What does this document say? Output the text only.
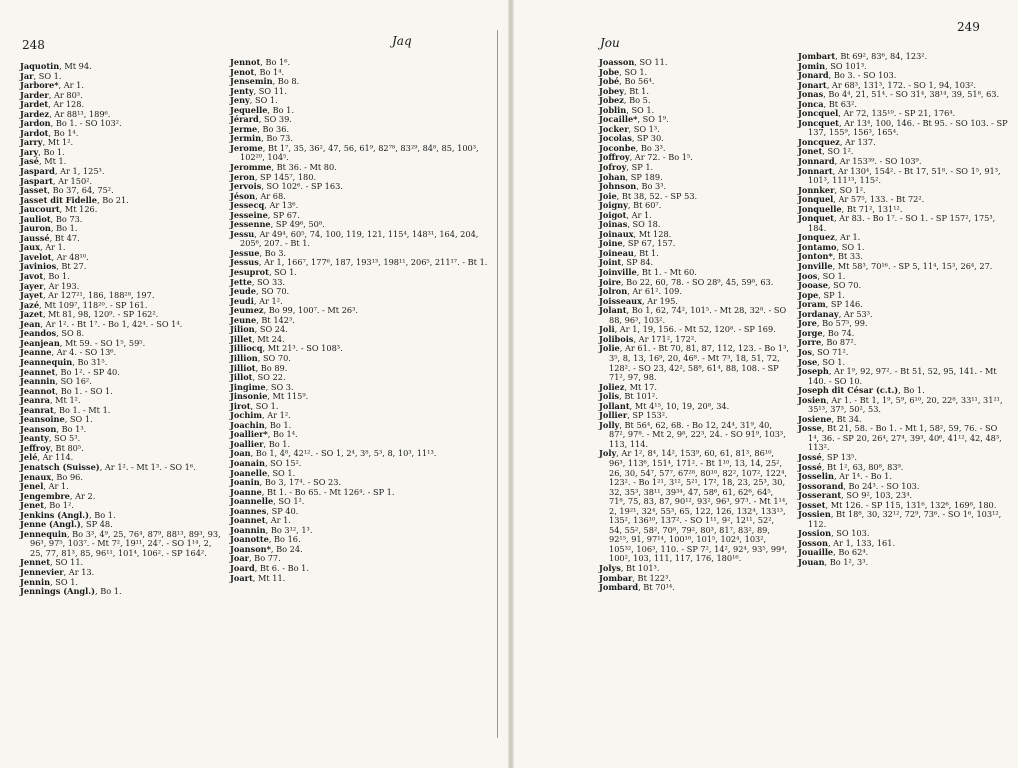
248	Jaq
249
Jou
Jaquotin, Mt 94.
Jar, SO 1.
Jarbore*, Ar 1.
Jarder, Ar 80³.
Jardet, Ar 128.
Jardez, Ar 88¹³, 189⁶.
Jardon, Bo 1. - SO 103².
Jardot, Bo 1⁴.
Jarry, Mt 1².
Jary, Bo 1.
Jasé, Mt 1.
Jaspard, Ar 1, 125³.
Jaspart, Ar 150².
Jasset, Bo 37, 64, 75².
Jasset dit Fidelle, Bo 21.
Jaucourt, Mt 126.
Jauliot, Bo 73.
Jauron, Bo 1.
Jaussé, Bt 47.
Jaux, Ar 1.
Javelot, Ar 48¹⁰.
Javinios, Bt 27.
Javot, Bo 1.
Jayer, Ar 193.
Jayet, Ar 127²¹, 186, 188²⁸, 197.
Jazé, Mt 109⁷, 118²⁰. - SP 161.
Jazet, Mt 81, 98, 120⁹. - SP 162².
Jean, Ar 1². - Bt 1⁷. - Bo 1, 42⁴. - SO 1⁴.
Jeandos, SO 8.
Jeanjean, Mt 59. - SO 1⁵, 59⁵.
Jeanne, Ar 4. - SO 13⁶.
Jeannequin, Bo 31⁵.
Jeannet, Bo 1². - SP 40.
Jeannin, SO 16².
Jeannot, Bo 1. - SO 1.
Jeanra, Mt 1².
Jeanrat, Bo 1. - Mt 1.
Jeansoine, SO 1.
Jeanson, Bo 1³.
Jeanty, SO 5³.
Jeffroy, Bt 80⁵.
Jelé, Ar 114.
Jenatsch (Suisse), Ar 1². - Mt 1³. - SO 1⁶.
Jenaux, Bo 96.
Jenel, Ar 1.
Jengembre, Ar 2.
Jenet, Bo 1².
Jenkins (Angl.), Bo 1.
Jenne (Angl.), SP 48.
Jennequin, Bo 3³, 4⁹, 25, 76⁴, 87⁹, 88¹³, 89³, 93, 96³, 97⁵, 103⁷. - Mt 7², 19¹¹, 24⁷. - SO 1¹⁴, 2, 25, 77, 81³, 85, 96¹¹, 101⁴, 106². - SP 164².
Jennet, SO 11.
Jennevier, Ar 13.
Jennin, SO 1.
Jennings (Angl.), Bo 1.
Jennot, Bo 1⁶.
Jenot, Bo 1⁴.
Jensemin, Bo 8.
Jenty, SO 11.
Jeny, SO 1.
Jequelle, Bo 1.
Jérard, SO 39.
Jerme, Bo 36.
Jermin, Bo 73.
Jerome, Bt 1⁷, 35, 36², 47, 56, 61⁹, 82⁷⁸, 83²⁹, 84⁸, 85, 100³, 102²⁰, 104⁵.
Jeromme, Bt 36. - Mt 80.
Jeron, SP 145⁷, 180.
Jervois, SO 102⁶. - SP 163.
Jéson, Ar 68.
Jessecq, Ar 13⁶.
Jesseine, SP 67.
Jessenne, SP 49⁶, 50⁸.
Jessu, Ar 49⁴, 60⁵, 74, 100, 119, 121, 115⁴, 148³¹, 164, 204, 205⁶, 207. - Bt 1.
Jessue, Bo 3.
Jessus, Ar 1, 166⁷, 177⁶, 187, 193¹³, 198¹¹, 206⁵, 211¹⁷. - Bt 1.
Jesuprot, SO 1.
Jette, SO 33.
Jeude, SO 70.
Jeudi, Ar 1².
Jeumez, Bo 99, 100⁷. - Mt 26³.
Jeune, Bt 142³.
Jilion, SO 24.
Jillet, Mt 24.
Jilliocq, Mt 21³. - SO 108³.
Jillion, SO 70.
Jilliot, Bo 89.
Jillot, SO 22.
Jingime, SO 3.
Jinsonie, Mt 115⁹.
Jirot, SO 1.
Jochim, Ar 1².
Joachin, Bo 1.
Joallier*, Bo 1⁴.
Joallier, Bo 1.
Joan, Bo 1, 4⁸, 42¹². - SO 1, 2⁴, 3⁸, 5³, 8, 10³, 11¹³.
Joanain, SO 15².
Joanelle, SO 1.
Joanin, Bo 3, 17⁴. - SO 23.
Joanne, Bt 1. - Bo 65. - Mt 126⁴. - SP 1.
Joannelle, SO 1².
Joannes, SP 40.
Joannet, Ar 1.
Joannin, Bo 3¹², 1³.
Joanotte, Bo 16.
Joanson*, Bo 24.
Joar, Bo 77.
Joard, Bt 6. - Bo 1.
Joart, Mt 11.
Joasson, SO 11.
Jobe, SO 1.
Jobé, Bo 56⁴.
Jobey, Bt 1.
Jobez, Bo 5.
Joblin, SO 1.
Jocaille*, SO 1⁹.
Jocker, SO 1³.
Jocolas, SP 30.
Joconbe, Bo 3³.
Joffroy, Ar 72. - Bo 1⁵.
Jofroy, SP 1.
Johan, SP 189.
Johnson, Bo 3³.
Joie, Bt 38, 52. - SP 53.
Joigny, Bt 60⁷.
Joigot, Ar 1.
Joinas, SO 18.
Joinaux, Mt 128.
Joine, SP 67, 157.
Joineau, Bt 1.
Joint, SP 84.
Joinville, Bt 1. - Mt 60.
Joire, Bo 22, 60, 78. - SO 28⁹, 45, 59⁸, 63.
Jolron, Ar 61². 109.
Joisseaux, Ar 195.
Jolant, Bo 1, 62, 74², 101⁵. - Mt 28, 32⁸. - SO 88, 96³, 103².
Joli, Ar 1, 19, 156. - Mt 52, 120⁸. - SP 169.
Jolibois, Ar 171², 172².
Jolie, Ar 61. - Bt 70, 81, 87, 112, 123. - Bo 1³, 3⁵, 8, 13, 16⁹, 20, 46⁸. - Mt 7³, 18, 51, 72, 128². - SO 23, 42², 58⁸, 61⁴, 88, 108. - SP 71², 97, 98.
Joliez, Mt 17.
Jolis, Bt 101².
Jollant, Mt 4¹⁵, 10, 19, 20⁸, 34.
Jollier, SP 153².
Jolly, Bt 56⁴, 62, 68. - Bo 12, 24⁴, 31⁹, 40, 87², 97⁸. - Mt 2, 9⁸, 22³, 24. - SO 91⁹, 103³, 113, 114.
Joly, Ar 1², 8⁴, 14², 153⁹, 60, 61, 81³, 86¹⁰, 96³, 113⁶, 151⁴, 171². - Bt 1¹⁰, 13, 14, 25², 26, 30, 54⁷, 57⁷, 67²⁸, 80¹⁰, 82², 107², 122⁴, 123². - Bo 1²¹, 3¹², 5²¹, 17², 18, 23, 25³, 30, 32, 35³, 38¹¹, 39³⁴, 47, 58⁶, 61, 62⁶, 64⁵, 71⁸, 75, 83, 87, 90¹², 93², 96³, 97³. - Mt 1¹⁴, 2, 19²¹, 32⁴, 55³, 65, 122, 126, 132⁴, 133¹³, 135², 136¹⁰, 137². - SO 1¹¹, 9², 12¹¹, 52², 54, 55², 58², 70⁸, 79², 80³, 81⁷, 83², 89, 92¹⁵, 91, 97¹⁴, 100¹⁰, 101⁵, 102⁴, 103², 105³², 106³, 110. - SP 7², 14², 92⁴, 93⁵, 99⁴, 100², 103, 111, 117, 176, 180¹⁶.
Jolys, Bt 101³.
Jombar, Bt 122³.
Jombard, Bt 70¹⁴.
Jombart, Bt 69², 83⁶, 84, 123².
Jomin, SO 101³.
Jonard, Bo 3. - SO 103.
Jonart, Ar 68³, 131³, 172. - SO 1, 94, 103².
Jonas, Bo 4⁴, 21, 51⁴. - SO 31⁴, 38¹⁴, 39, 51⁸, 63.
Jonca, Bt 63².
Joncquel, Ar 72, 135¹⁰. - SP 21, 176⁴.
Joncquet, Ar 13⁴, 100, 146. - Bt 95. - SO 103. - SP 137, 155⁹, 156³, 165⁴.
Joncquez, Ar 137.
Jonet, SO 1².
Jonnard, Ar 153³⁹. - SO 103⁹.
Jonnart, Ar 130⁴, 154². - Bt 17, 51⁸. - SO 1⁵, 91³, 101³, 111¹³, 115².
Jonnker, SO 1².
Jonquel, Ar 57⁵, 133. - Bt 72².
Jonquelle, Bt 71², 131¹².
Jonquet, Ar 83. - Bo 1⁷. - SO 1. - SP 157², 175³, 184.
Jonquez, Ar 1.
Jontamo, SO 1.
Jonton*, Bt 33.
Jonville, Mt 58³, 70¹⁶. - SP 5, 11⁴, 15³, 26⁴, 27.
Joos, SO 1.
Jooase, SO 70.
Jope, SP 1.
Joram, SP 146.
Jordanay, Ar 53³.
Jore, Bo 57⁵, 99.
Jorge, Bo 74.
Jorre, Bo 87².
Jos, SO 71².
Jose, SO 1.
Joseph, Ar 1⁹, 92, 97². - Bt 51, 52, 95, 141. - Mt 140. - SO 10.
Joseph dit César (c.t.), Bo 1.
Josien, Ar 1. - Bt 1, 1⁹, 5⁹, 6¹⁰, 20, 22⁸, 33¹¹, 31²¹, 35¹³, 37³, 50², 53.
Josiene, Bt 34.
Josse, Bt 21, 58. - Bo 1. - Mt 1, 58², 59, 76. - SO 1⁴, 36. - SP 20, 26⁴, 27⁴, 39³, 40⁶, 41¹², 42, 48³, 113².
Jossé, SP 13⁵.
Jossé, Bt 1², 63, 80⁸, 83⁹.
Josselin, Ar 1⁴. - Bo 1.
Jossorand, Bo 24³. - SO 103.
Josserant, SO 9², 103, 23⁴.
Josset, Mt 126. - SP 115, 131⁶, 132⁶, 169⁸, 180.
Jossien, Bt 18⁸, 30, 32¹², 72⁹, 73⁶. - SO 1⁶, 103¹², 112.
Jossion, SO 103.
Josson, Ar 1, 133, 161.
Jouaille, Bo 62⁴.
Jouan, Bo 1², 3³.
